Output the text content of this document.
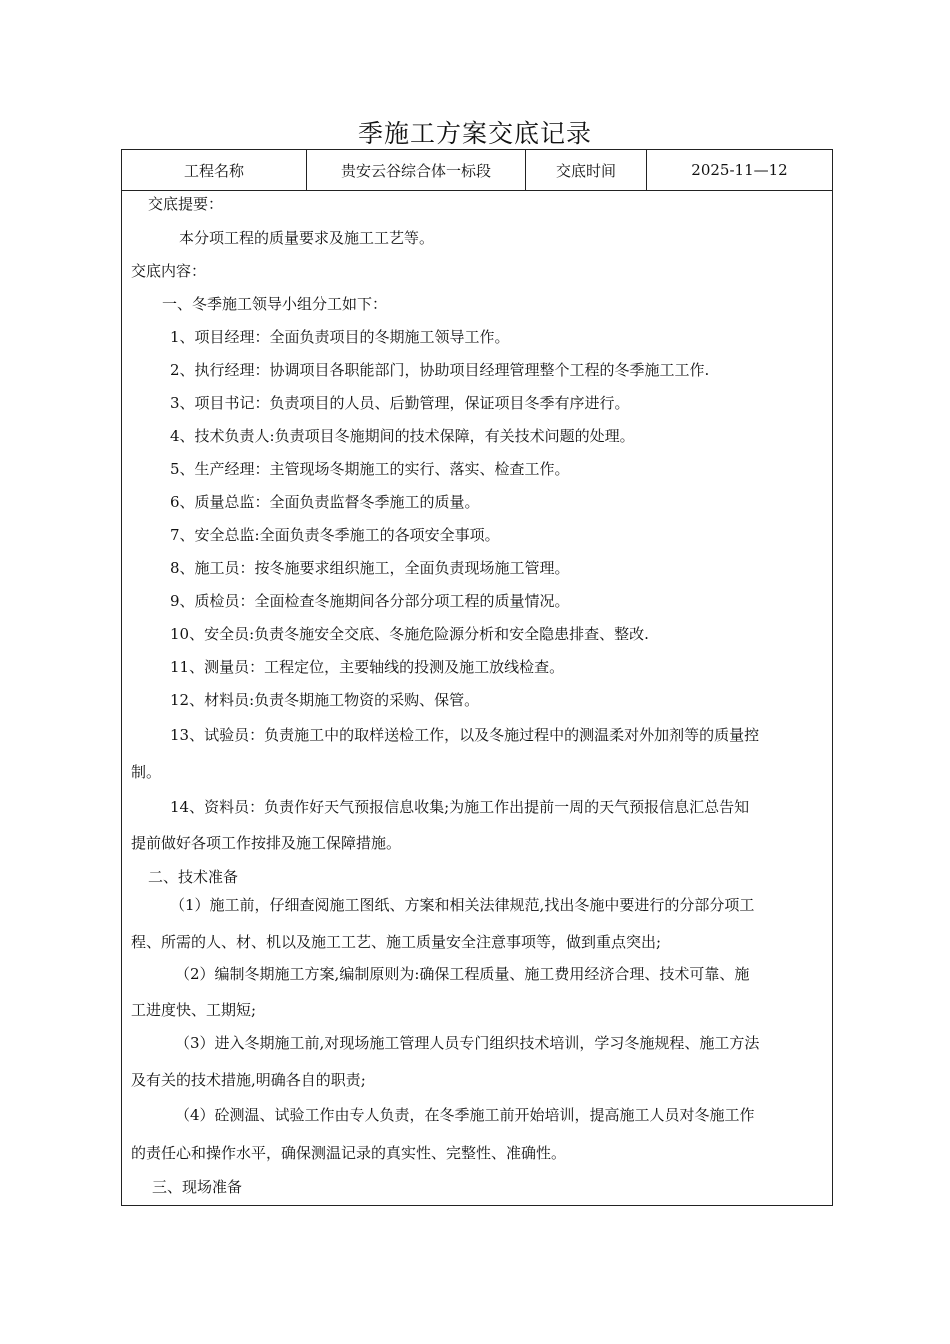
季施工方案交底记录
工程名称	贵安云谷综合体一标段	交底时间	2025-11—12
交底提要：
本分项工程的质量要求及施工工艺等。
交底内容：
一、冬季施工领导小组分工如下：
1、项目经理：全面负责项目的冬期施工领导工作。
2、执行经理：协调项目各职能部门，协助项目经理管理整个工程的冬季施工工作.
3、项目书记：负责项目的人员、后勤管理，保证项目冬季有序进行。
4、技术负责人:负责项目冬施期间的技术保障，有关技术问题的处理。
5、生产经理：主管现场冬期施工的实行、落实、检查工作。
6、质量总监：全面负责监督冬季施工的质量。
7、安全总监:全面负责冬季施工的各项安全事项。
8、施工员：按冬施要求组织施工，全面负责现场施工管理。
9、质检员：全面检查冬施期间各分部分项工程的质量情况。
10、安全员:负责冬施安全交底、冬施危险源分析和安全隐患排查、整改.
11、测量员：工程定位，主要轴线的投测及施工放线检查。
12、材料员:负责冬期施工物资的采购、保管。
13、试验员：负责施工中的取样送检工作，以及冬施过程中的测温柔对外加剂等的质量控
制。
14、资料员：负责作好天气预报信息收集;为施工作出提前一周的天气预报信息汇总告知
提前做好各项工作按排及施工保障措施。
二、技术准备
（1）施工前，仔细查阅施工图纸、方案和相关法律规范,找出冬施中要进行的分部分项工
程、所需的人、材、机以及施工工艺、施工质量安全注意事项等，做到重点突出;
（2）编制冬期施工方案,编制原则为:确保工程质量、施工费用经济合理、技术可靠、施
工进度快、工期短;
（3）进入冬期施工前,对现场施工管理人员专门组织技术培训，学习冬施规程、施工方法
及有关的技术措施,明确各自的职责;
（4）砼测温、试验工作由专人负责，在冬季施工前开始培训，提高施工人员对冬施工作
的责任心和操作水平，确保测温记录的真实性、完整性、准确性。
三、现场准备
